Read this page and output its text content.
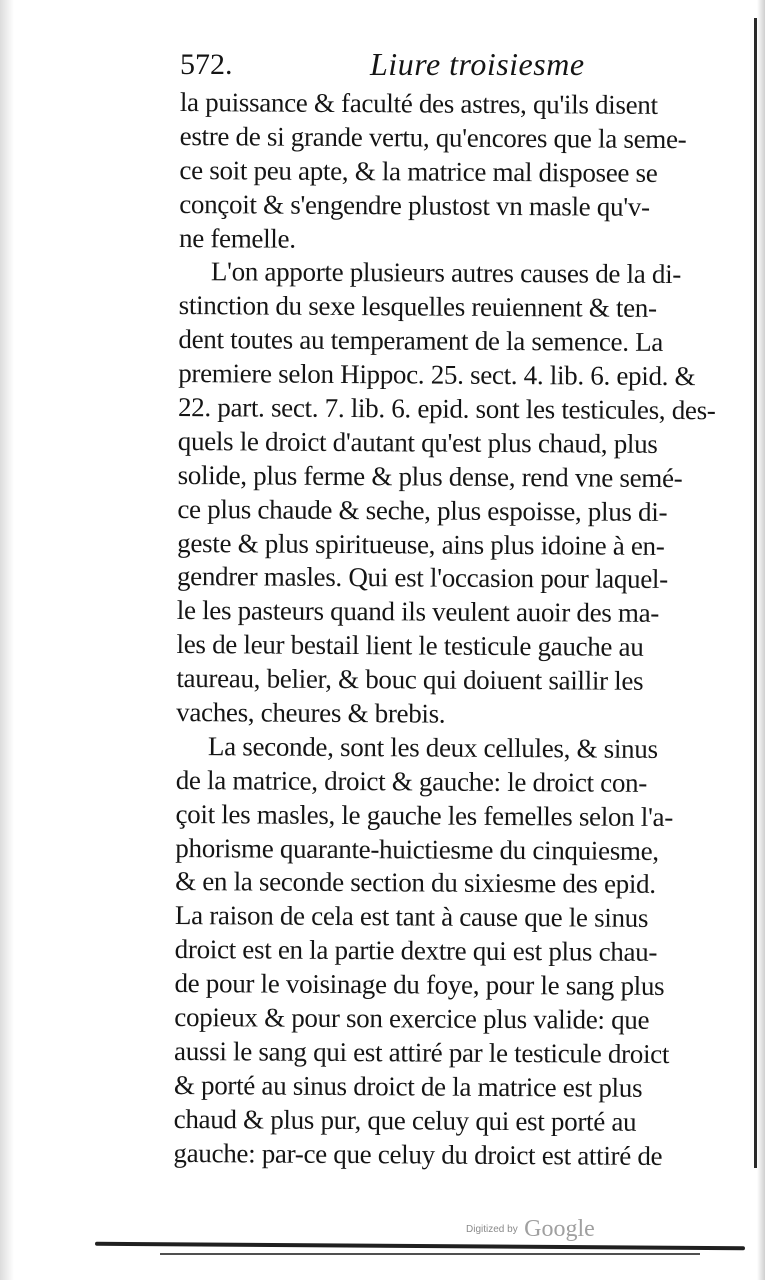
572.	Liure troisiesme
la puissance & faculté des astres, qu'ils disent
estre de si grande vertu, qu'encores que la seme-
ce soit peu apte, & la matrice mal disposee se
conçoit & s'engendre plustost vn masle qu'v-
ne femelle.
L'on apporte plusieurs autres causes de la di-
stinction du sexe lesquelles reuiennent & ten-
dent toutes au temperament de la semence. La
premiere selon Hippoc. 25. sect. 4. lib. 6. epid. &
22. part. sect. 7. lib. 6. epid. sont les testicules, des-
quels le droict d'autant qu'est plus chaud, plus
solide, plus ferme & plus dense, rend vne semé-
ce plus chaude & seche, plus espoisse, plus di-
geste & plus spiritueuse, ains plus idoine à en-
gendrer masles. Qui est l'occasion pour laquel-
le les pasteurs quand ils veulent auoir des ma-
les de leur bestail lient le testicule gauche au
taureau, belier, & bouc qui doiuent saillir les
vaches, cheures & brebis.
La seconde, sont les deux cellules, & sinus
de la matrice, droict & gauche: le droict con-
çoit les masles, le gauche les femelles selon l'a-
phorisme quarante-huictiesme du cinquiesme,
& en la seconde section du sixiesme des epid.
La raison de cela est tant à cause que le sinus
droict est en la partie dextre qui est plus chau-
de pour le voisinage du foye, pour le sang plus
copieux & pour son exercice plus valide: que
aussi le sang qui est attiré par le testicule droict
& porté au sinus droict de la matrice est plus
chaud & plus pur, que celuy qui est porté au
gauche: par-ce que celuy du droict est attiré de
Digitized by Google
